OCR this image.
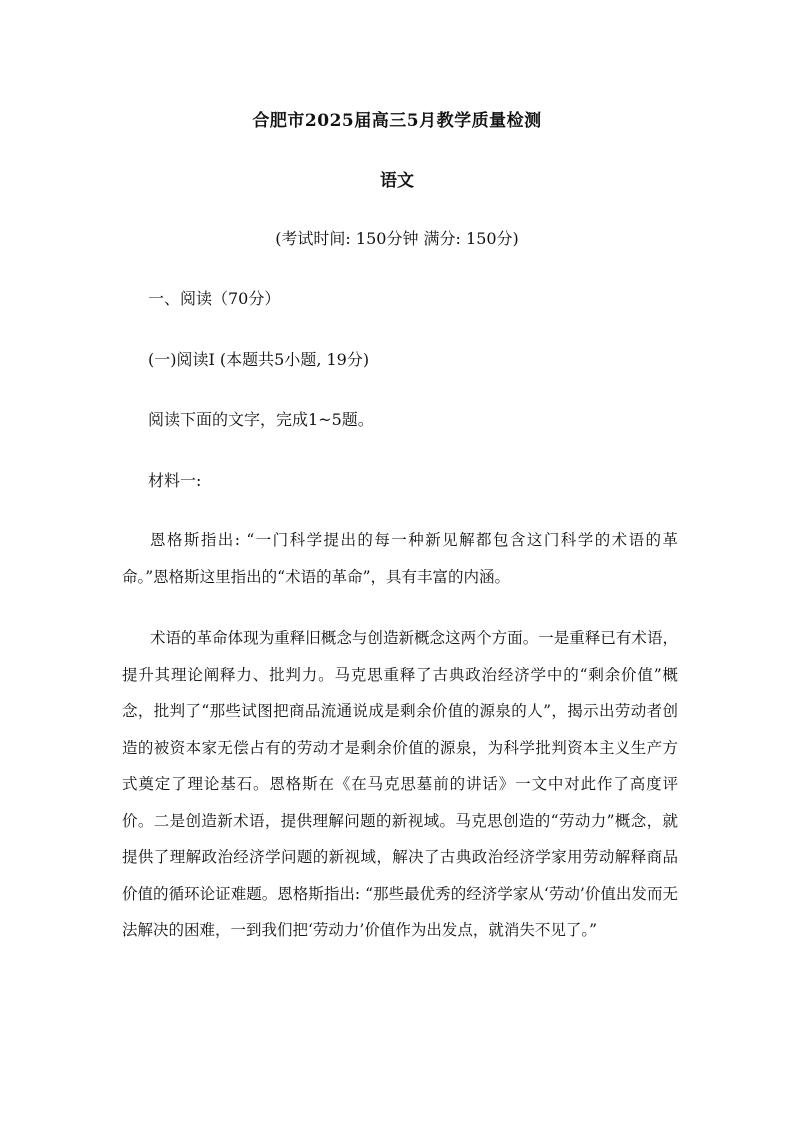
合肥市2025届高三5月教学质量检测
语文

(考试时间: 150分钟 满分: 150分)

一、阅读（70分）

(一)阅读Ⅰ (本题共5小题, 19分)

阅读下面的文字，完成1~5题。

材料一:

恩格斯指出: “一门科学提出的每一种新见解都包含这门科学的术语的革命。”恩格斯这里指出的“术语的革命”，具有丰富的内涵。

术语的革命体现为重释旧概念与创造新概念这两个方面。一是重释已有术语，提升其理论阐释力、批判力。马克思重释了古典政治经济学中的“剩余价值”概念，批判了“那些试图把商品流通说成是剩余价值的源泉的人”，揭示出劳动者创造的被资本家无偿占有的劳动才是剩余价值的源泉，为科学批判资本主义生产方式奠定了理论基石。恩格斯在《在马克思墓前的讲话》一文中对此作了高度评价。二是创造新术语，提供理解问题的新视域。马克思创造的“劳动力”概念，就提供了理解政治经济学问题的新视域，解决了古典政治经济学家用劳动解释商品价值的循环论证难题。恩格斯指出: “那些最优秀的经济学家从‘劳动’价值出发而无法解决的困难，一到我们把‘劳动力’价值作为出发点，就消失不见了。”
